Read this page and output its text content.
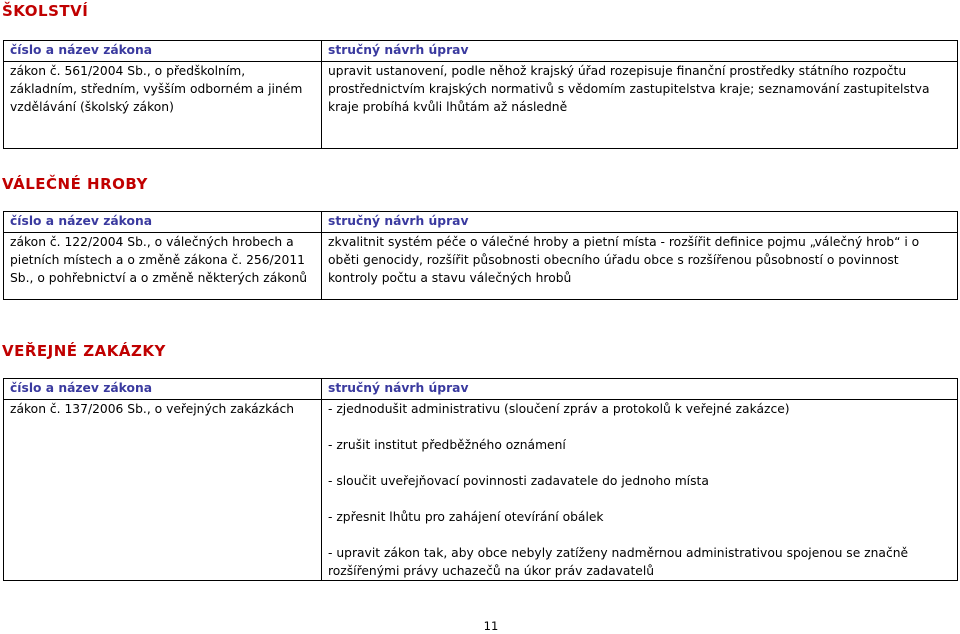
ŠKOLSTVÍ
číslo a název zákona	stručný návrh úprav
zákon č. 561/2004 Sb., o předškolním, základním, středním, vyšším odborném a jiném vzdělávání (školský zákon)	upravit ustanovení, podle něhož krajský úřad rozepisuje finanční prostředky státního rozpočtu prostřednictvím krajských normativů s vědomím zastupitelstva kraje; seznamování zastupitelstva kraje probíhá kvůli lhůtám až následně
VÁLEČNÉ HROBY
číslo a název zákona	stručný návrh úprav
zákon č. 122/2004 Sb., o válečných hrobech a pietních místech a o změně zákona č. 256/2011 Sb., o pohřebnictví a o změně některých zákonů	zkvalitnit systém péče o válečné hroby a pietní místa - rozšířit definice pojmu „válečný hrob“ i o oběti genocidy, rozšířit působnosti obecního úřadu obce s rozšířenou působností o povinnost kontroly počtu a stavu válečných hrobů
VEŘEJNÉ ZAKÁZKY
číslo a název zákona	stručný návrh úprav
zákon č. 137/2006 Sb., o veřejných zakázkách	- zjednodušit administrativu (sloučení zpráv a protokolů k veřejné zakázce)
- zrušit institut předběžného oznámení
- sloučit uveřejňovací povinnosti zadavatele do jednoho místa
- zpřesnit lhůtu pro zahájení otevírání obálek
- upravit zákon tak, aby obce nebyly zatíženy nadměrnou administrativou spojenou se značně rozšířenými právy uchazečů na úkor práv zadavatelů
11
